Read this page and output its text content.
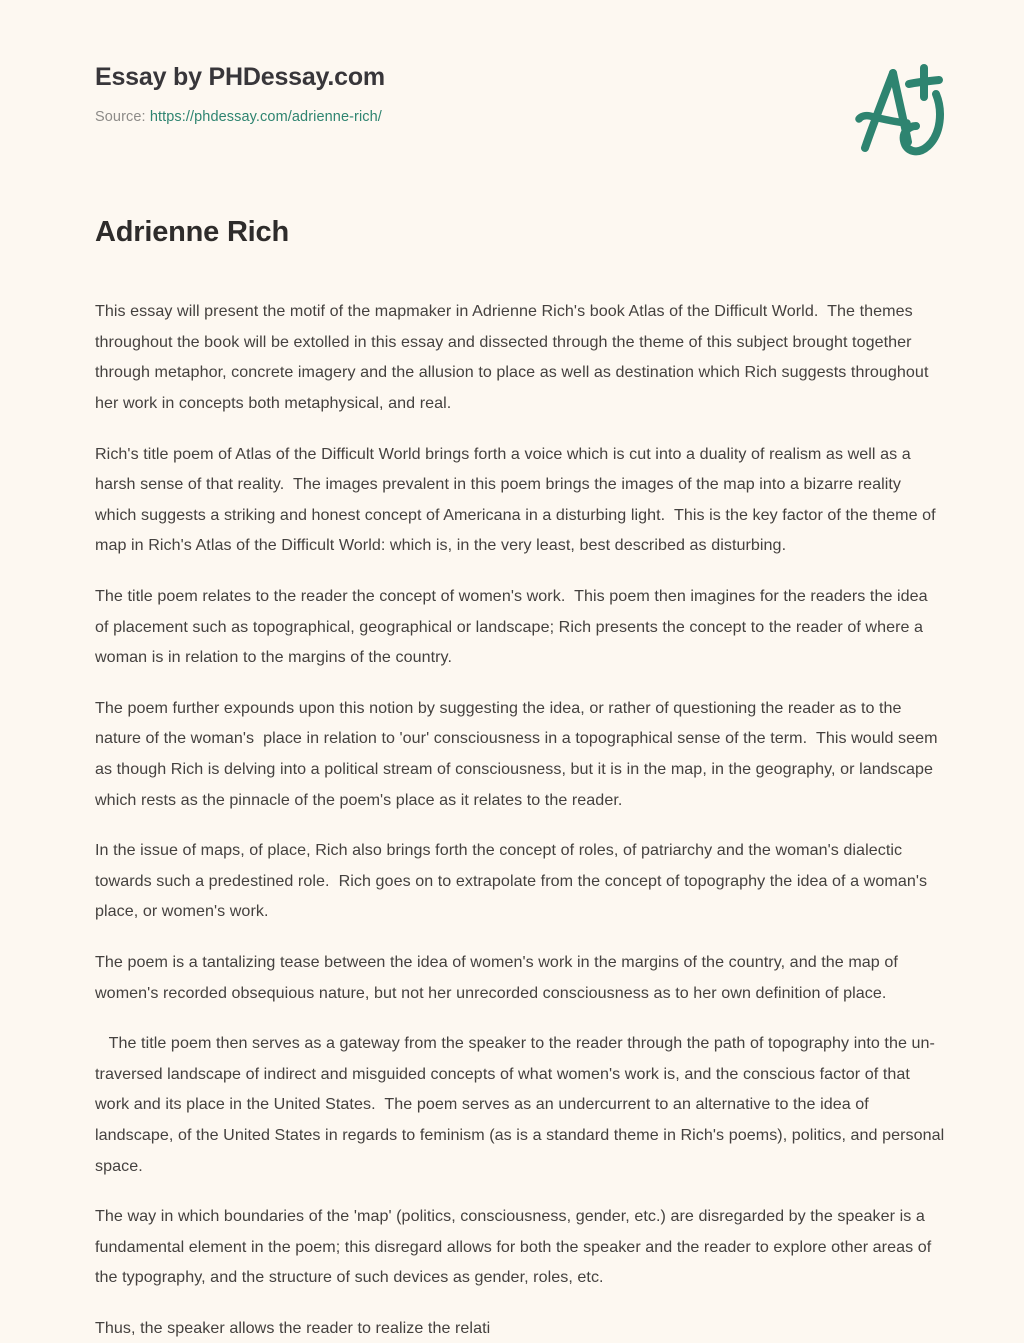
Essay by PHDessay.com
Source: https://phdessay.com/adrienne-rich/
Adrienne Rich

This essay will present the motif of the mapmaker in Adrienne Rich's book Atlas of the Difficult World.  The themes throughout the book will be extolled in this essay and dissected through the theme of this subject brought together through metaphor, concrete imagery and the allusion to place as well as destination which Rich suggests throughout her work in concepts both metaphysical, and real.

Rich's title poem of Atlas of the Difficult World brings forth a voice which is cut into a duality of realism as well as a harsh sense of that reality.  The images prevalent in this poem brings the images of the map into a bizarre reality which suggests a striking and honest concept of Americana in a disturbing light.  This is the key factor of the theme of map in Rich's Atlas of the Difficult World: which is, in the very least, best described as disturbing.

The title poem relates to the reader the concept of women's work.  This poem then imagines for the readers the idea of placement such as topographical, geographical or landscape; Rich presents the concept to the reader of where a woman is in relation to the margins of the country.

The poem further expounds upon this notion by suggesting the idea, or rather of questioning the reader as to the nature of the woman's  place in relation to 'our' consciousness in a topographical sense of the term.  This would seem as though Rich is delving into a political stream of consciousness, but it is in the map, in the geography, or landscape which rests as the pinnacle of the poem's place as it relates to the reader.

In the issue of maps, of place, Rich also brings forth the concept of roles, of patriarchy and the woman's dialectic towards such a predestined role.  Rich goes on to extrapolate from the concept of topography the idea of a woman's place, or women's work.

The poem is a tantalizing tease between the idea of women's work in the margins of the country, and the map of women's recorded obsequious nature, but not her unrecorded consciousness as to her own definition of place.

The title poem then serves as a gateway from the speaker to the reader through the path of topography into the un-traversed landscape of indirect and misguided concepts of what women's work is, and the conscious factor of that work and its place in the United States.  The poem serves as an undercurrent to an alternative to the idea of landscape, of the United States in regards to feminism (as is a standard theme in Rich's poems), politics, and personal space.

The way in which boundaries of the 'map' (politics, consciousness, gender, etc.) are disregarded by the speaker is a fundamental element in the poem; this disregard allows for both the speaker and the reader to explore other areas of the typography, and the structure of such devices as gender, roles, etc.

Thus, the speaker allows the reader to realize the relati
